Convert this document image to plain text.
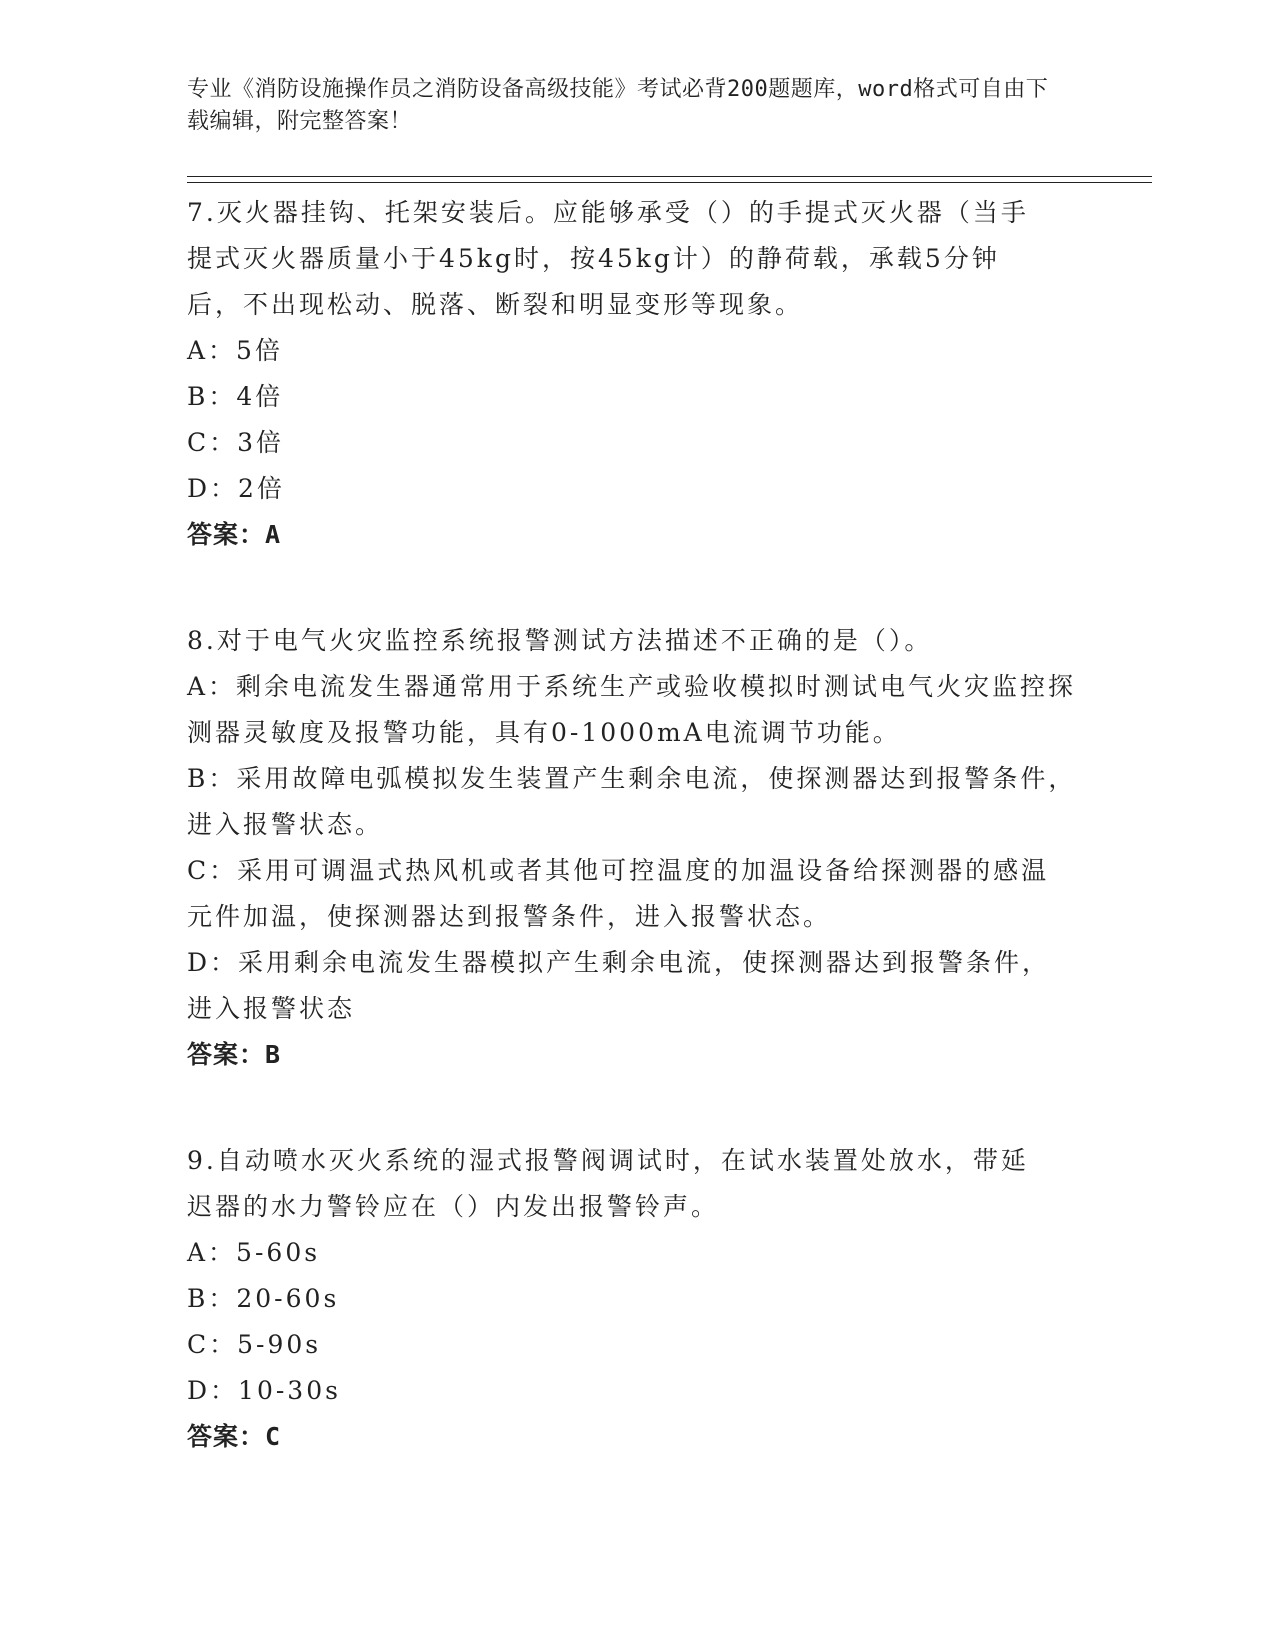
专业《消防设施操作员之消防设备高级技能》考试必背200题题库，word格式可自由下载编辑，附完整答案！
7.灭火器挂钩、托架安装后。应能够承受（）的手提式灭火器（当手提式灭火器质量小于45kg时，按45kg计）的静荷载，承载5分钟后，不出现松动、脱落、断裂和明显变形等现象。
A：5倍
B：4倍
C：3倍
D：2倍
答案：A
8.对于电气火灾监控系统报警测试方法描述不正确的是（）。
A：剩余电流发生器通常用于系统生产或验收模拟时测试电气火灾监控探测器灵敏度及报警功能，具有0-1000mA电流调节功能。
B：采用故障电弧模拟发生装置产生剩余电流，使探测器达到报警条件，进入报警状态。
C：采用可调温式热风机或者其他可控温度的加温设备给探测器的感温元件加温，使探测器达到报警条件，进入报警状态。
D：采用剩余电流发生器模拟产生剩余电流，使探测器达到报警条件，进入报警状态
答案：B
9.自动喷水灭火系统的湿式报警阀调试时，在试水装置处放水，带延迟器的水力警铃应在（）内发出报警铃声。
A：5-60s
B：20-60s
C：5-90s
D：10-30s
答案：C
